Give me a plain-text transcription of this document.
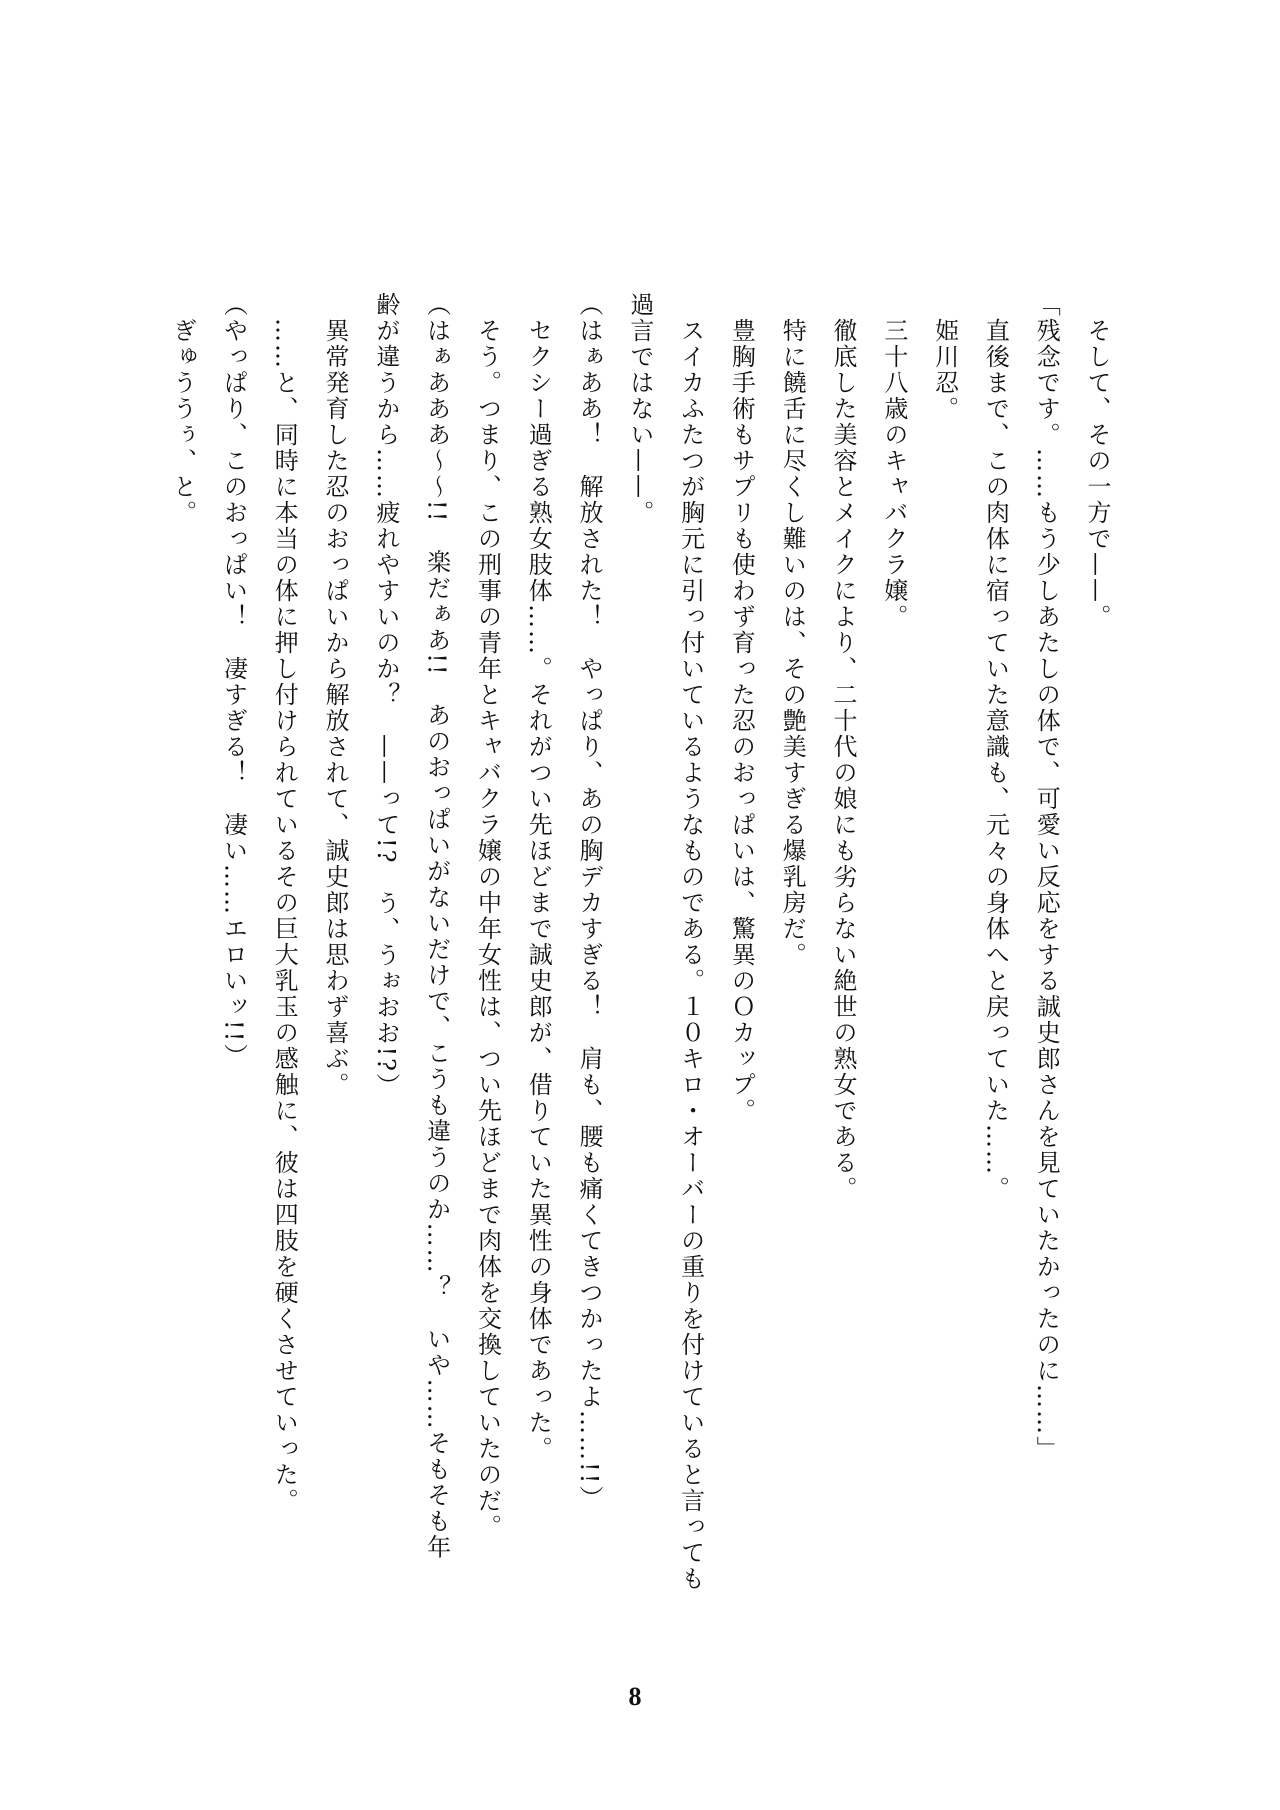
そして、その一方で——。
「残念です。……もう少しあたしの体で、可愛い反応をする誠史郎さんを見ていたかったのに……」
直後まで、この肉体に宿っていた意識も、元々の身体へと戻っていた……。
姫川忍。
三十八歳のキャバクラ嬢。
徹底した美容とメイクにより、二十代の娘にも劣らない絶世の熟女である。
特に饒舌に尽くし難いのは、その艶美すぎる爆乳房だ。
豊胸手術もサプリも使わず育った忍のおっぱいは、驚異のＯカップ。
スイカふたつが胸元に引っ付いているようなものである。１０キロ・オーバーの重りを付けていると言っても
過言ではない——。
（はぁああ！　解放された！　やっぱり、あの胸デカすぎる！　肩も、腰も痛くてきつかったよ……!!）
セクシー過ぎる熟女肢体……。それがつい先ほどまで誠史郎が、借りていた異性の身体であった。
そう。つまり、この刑事の青年とキャバクラ嬢の中年女性は、つい先ほどまで肉体を交換していたのだ。
（はぁあああ～～!!　楽だぁあ!!　あのおっぱいがないだけで、こうも違うのか……？　いや……そもそも年
齢が違うから……疲れやすいのか？　——って!?　う、うぉおお!?）
異常発育した忍のおっぱいから解放されて、誠史郎は思わず喜ぶ。
……と、同時に本当の体に押し付けられているその巨大乳玉の感触に、彼は四肢を硬くさせていった。
（やっぱり、このおっぱい！　凄すぎる！　凄い……エロいッ!!）
ぎゅううぅ、と。
8
